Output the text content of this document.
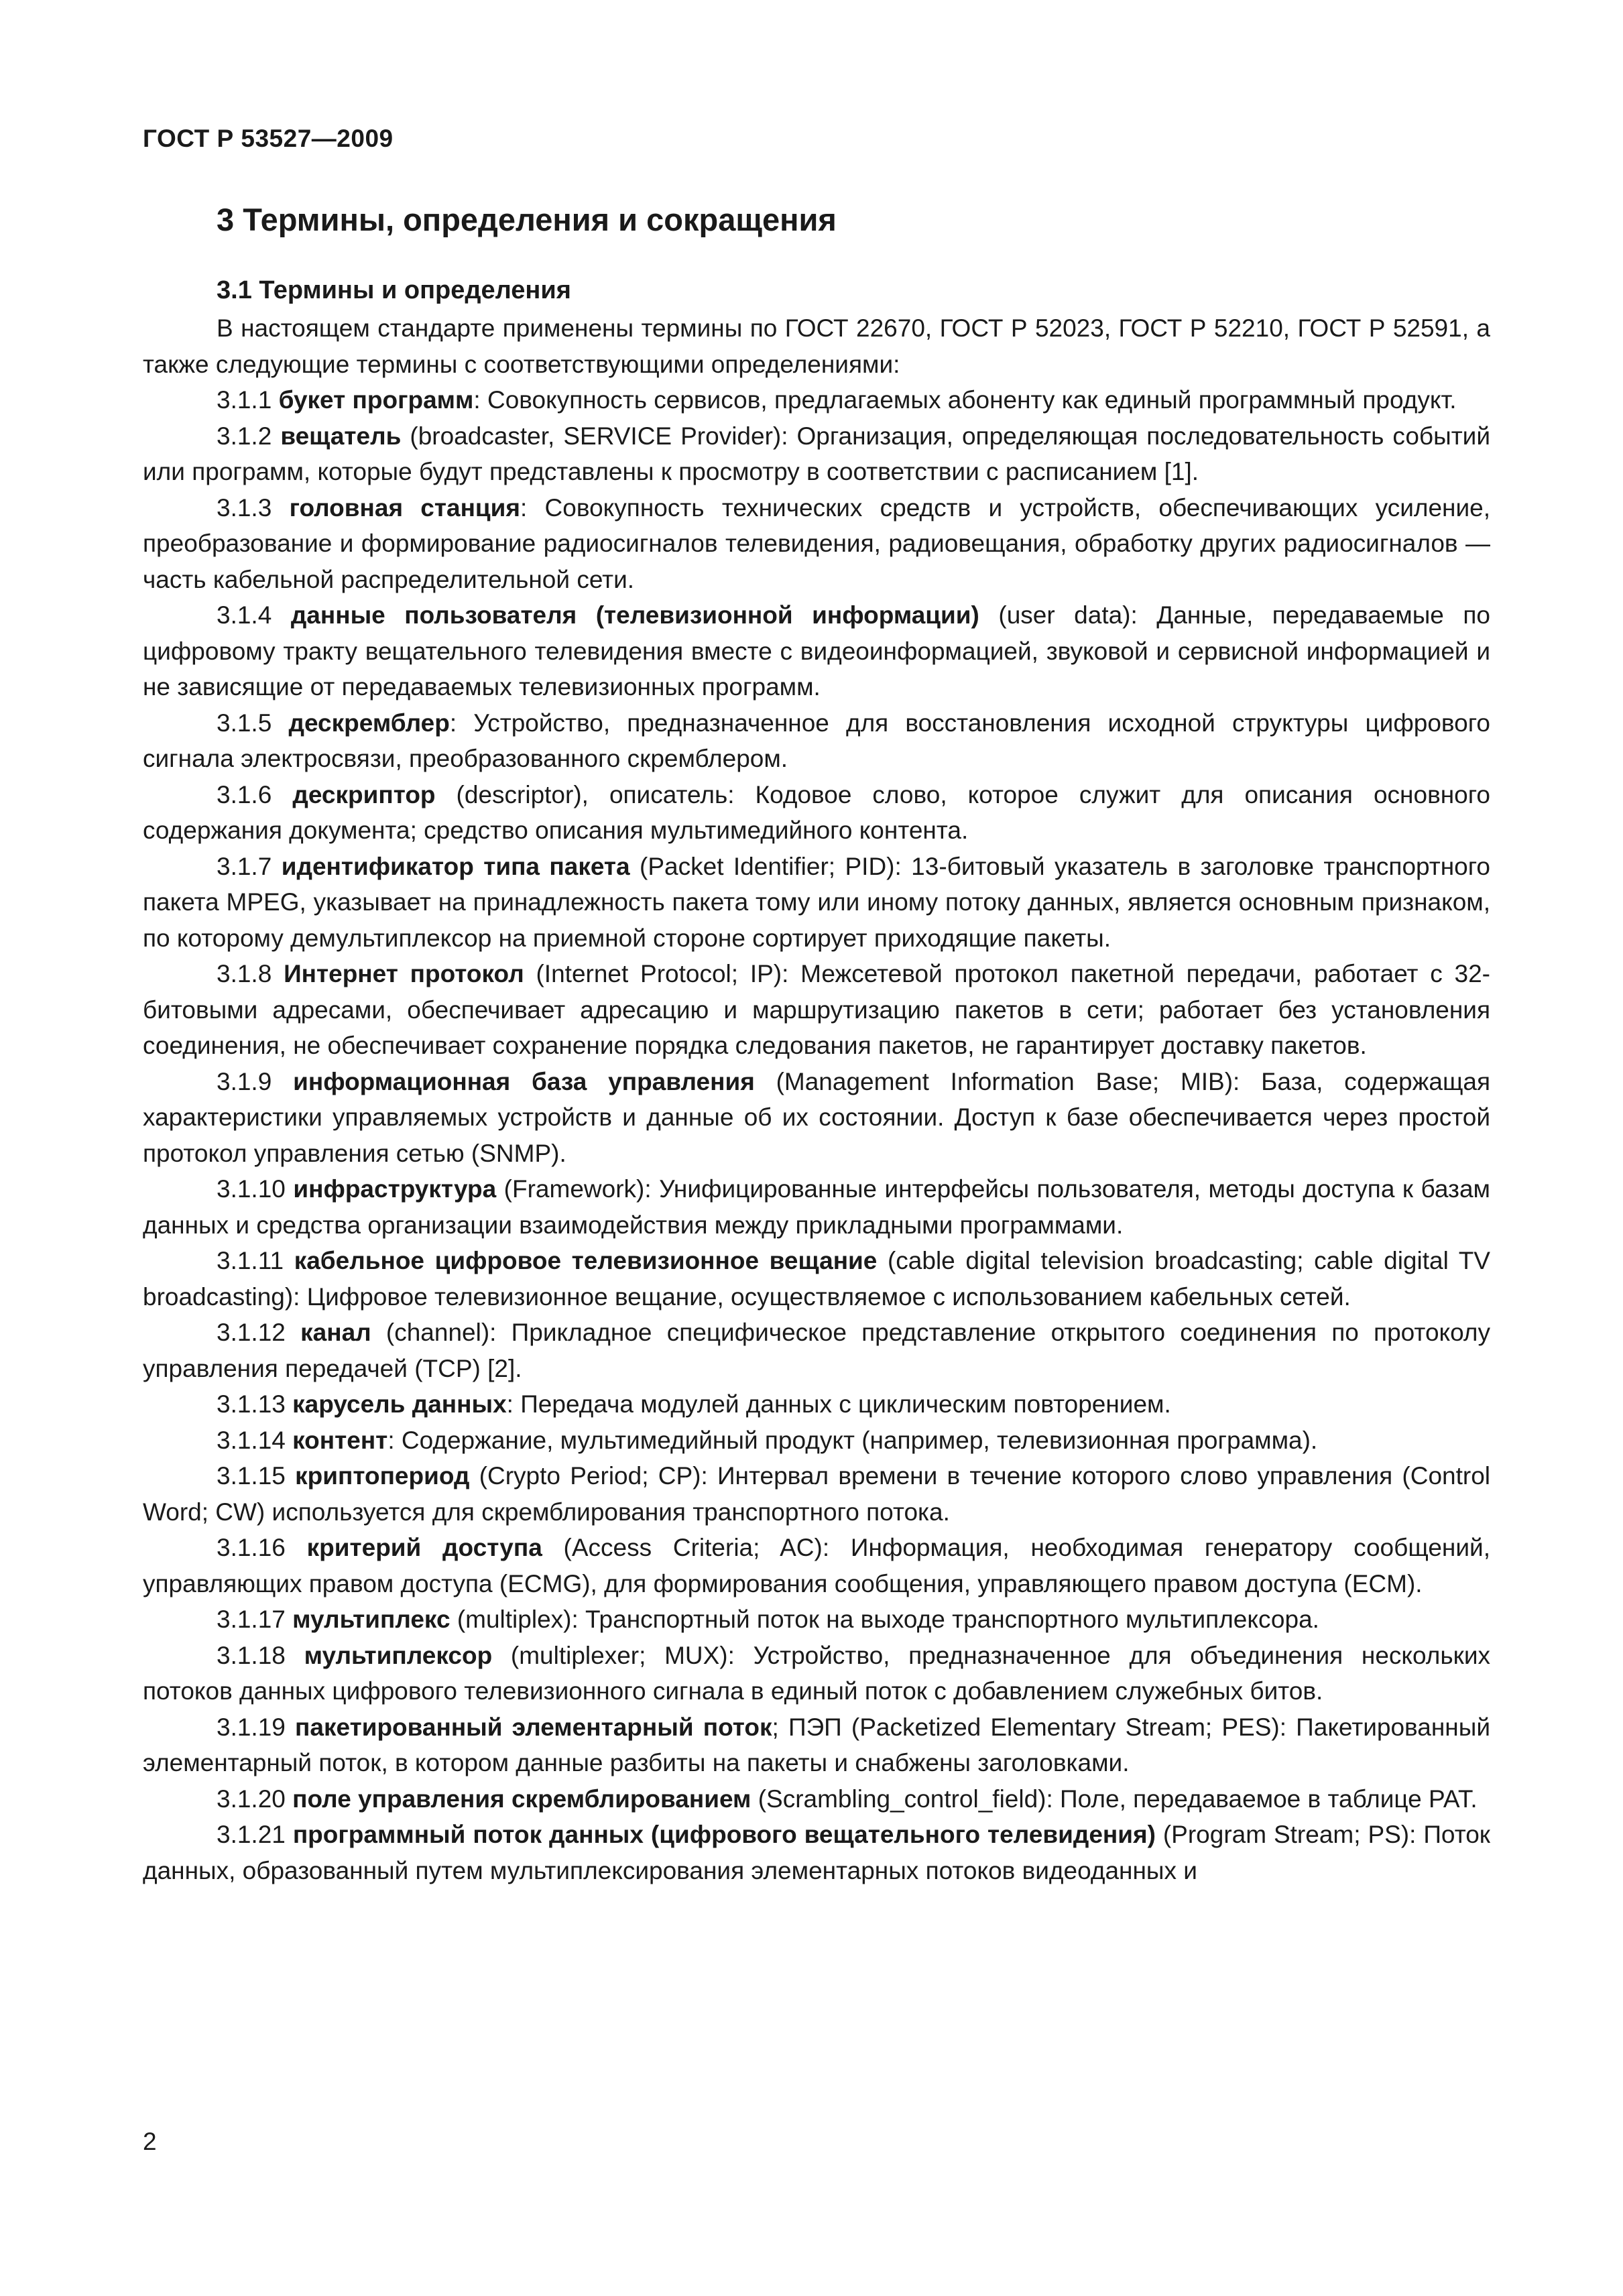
ГОСТ Р 53527—2009
3 Термины, определения и сокращения
3.1 Термины и определения

В настоящем стандарте применены термины по ГОСТ 22670, ГОСТ Р 52023, ГОСТ Р 52210, ГОСТ Р 52591, а также следующие термины с соответствующими определениями:

3.1.1 букет программ: Совокупность сервисов, предлагаемых абоненту как единый программный продукт.

3.1.2 вещатель (broadcaster, SERVICE Provider): Организация, определяющая последовательность событий или программ, которые будут представлены к просмотру в соответствии с расписанием [1].

3.1.3 головная станция: Совокупность технических средств и устройств, обеспечивающих усиление, преобразование и формирование радиосигналов телевидения, радиовещания, обработку других радиосигналов — часть кабельной распределительной сети.

3.1.4 данные пользователя (телевизионной информации) (user data): Данные, передаваемые по цифровому тракту вещательного телевидения вместе с видеоинформацией, звуковой и сервисной информацией и не зависящие от передаваемых телевизионных программ.

3.1.5 дескремблер: Устройство, предназначенное для восстановления исходной структуры цифрового сигнала электросвязи, преобразованного скремблером.

3.1.6 дескриптор (descriptor), описатель: Кодовое слово, которое служит для описания основного содержания документа; средство описания мультимедийного контента.

3.1.7 идентификатор типа пакета (Packet Identifier; PID): 13-битовый указатель в заголовке транспортного пакета MPEG, указывает на принадлежность пакета тому или иному потоку данных, является основным признаком, по которому демультиплексор на приемной стороне сортирует приходящие пакеты.

3.1.8 Интернет протокол (Internet Protocol; IP): Межсетевой протокол пакетной передачи, работает с 32-битовыми адресами, обеспечивает адресацию и маршрутизацию пакетов в сети; работает без установления соединения, не обеспечивает сохранение порядка следования пакетов, не гарантирует доставку пакетов.

3.1.9 информационная база управления (Management Information Base; MIB): База, содержащая характеристики управляемых устройств и данные об их состоянии. Доступ к базе обеспечивается через простой протокол управления сетью (SNMP).

3.1.10 инфраструктура (Framework): Унифицированные интерфейсы пользователя, методы доступа к базам данных и средства организации взаимодействия между прикладными программами.

3.1.11 кабельное цифровое телевизионное вещание (cable digital television broadcasting; cable digital TV broadcasting): Цифровое телевизионное вещание, осуществляемое с использованием кабельных сетей.

3.1.12 канал (channel): Прикладное специфическое представление открытого соединения по протоколу управления передачей (TCP) [2].

3.1.13 карусель данных: Передача модулей данных с циклическим повторением.

3.1.14 контент: Содержание, мультимедийный продукт (например, телевизионная программа).

3.1.15 криптопериод (Crypto Period; CP): Интервал времени в течение которого слово управления (Control Word; CW) используется для скремблирования транспортного потока.

3.1.16 критерий доступа (Access Criteria; AC): Информация, необходимая генератору сообщений, управляющих правом доступа (ECMG), для формирования сообщения, управляющего правом доступа (ECM).

3.1.17 мультиплекс (multiplex): Транспортный поток на выходе транспортного мультиплексора.

3.1.18 мультиплексор (multiplexer; MUX): Устройство, предназначенное для объединения нескольких потоков данных цифрового телевизионного сигнала в единый поток с добавлением служебных битов.

3.1.19 пакетированный элементарный поток; ПЭП (Packetized Elementary Stream; PES): Пакетированный элементарный поток, в котором данные разбиты на пакеты и снабжены заголовками.

3.1.20 поле управления скремблированием (Scrambling_control_field): Поле, передаваемое в таблице PAT.

3.1.21 программный поток данных (цифрового вещательного телевидения) (Program Stream; PS): Поток данных, образованный путем мультиплексирования элементарных потоков видеоданных и

2
